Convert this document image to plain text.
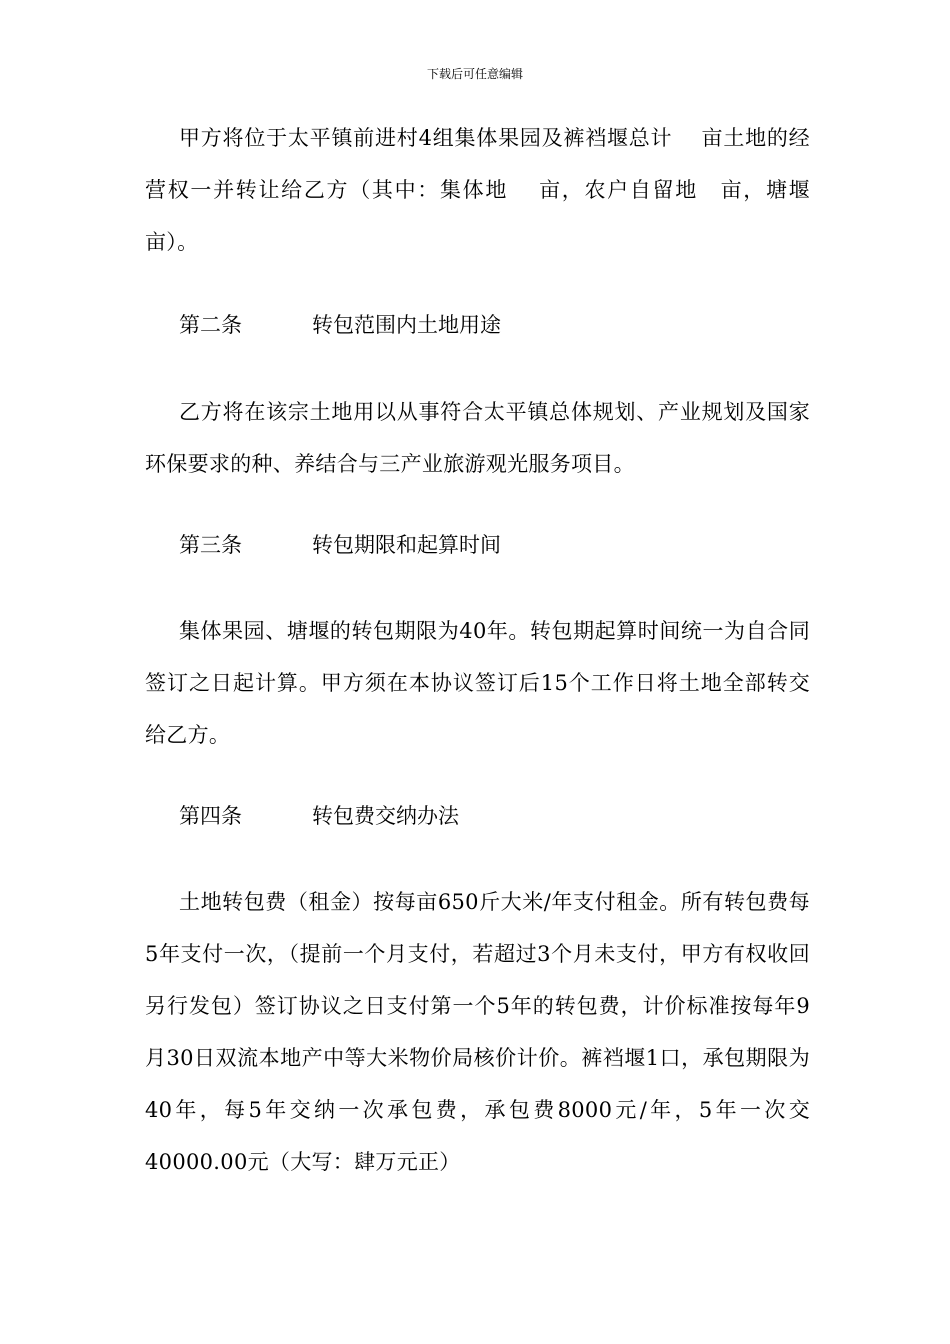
下载后可任意编辑
甲方将位于太平镇前进村4组集体果园及裤裆堰总计　 亩土地的经营权一并转让给乙方（其中：集体地　 亩，农户自留地　亩，塘堰　 亩）。
第二条	转包范围内土地用途
乙方将在该宗土地用以从事符合太平镇总体规划、产业规划及国家环保要求的种、养结合与三产业旅游观光服务项目。
第三条	转包期限和起算时间
集体果园、塘堰的转包期限为40年。转包期起算时间统一为自合同签订之日起计算。甲方须在本协议签订后15个工作日将土地全部转交给乙方。
第四条	转包费交纳办法
土地转包费（租金）按每亩650斤大米/年支付租金。所有转包费每5年支付一次，（提前一个月支付，若超过3个月未支付，甲方有权收回另行发包）签订协议之日支付第一个5年的转包费，计价标准按每年9月30日双流本地产中等大米物价局核价计价。裤裆堰1口，承包期限为40年，每5年交纳一次承包费，承包费8000元/年，5年一次交40000.00元（大写：肆万元正）
